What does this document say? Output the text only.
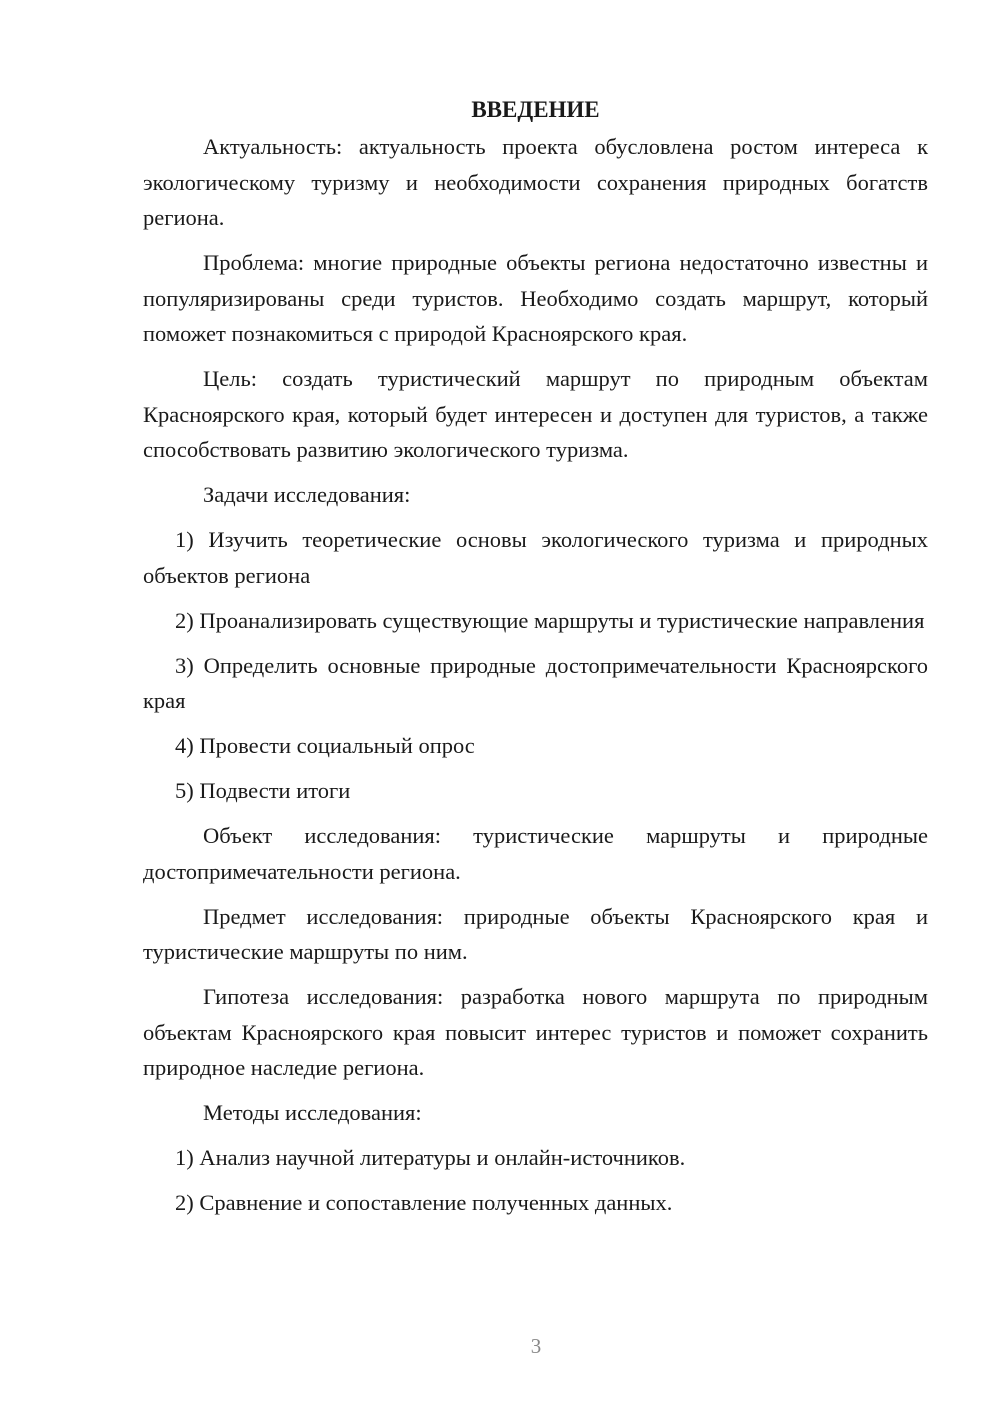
ВВЕДЕНИЕ

Актуальность: актуальность проекта обусловлена ростом интереса к экологическому туризму и необходимости сохранения природных богатств региона.

Проблема: многие природные объекты региона недостаточно известны и популяризированы среди туристов. Необходимо создать маршрут, который поможет познакомиться с природой Красноярского края.

Цель: создать туристический маршрут по природным объектам Красноярского края, который будет интересен и доступен для туристов, а также способствовать развитию экологического туризма.

Задачи исследования:

1) Изучить теоретические основы экологического туризма и природных объектов региона

2) Проанализировать существующие маршруты и туристические направления

3) Определить основные природные достопримечательности Красноярского края

4) Провести социальный опрос

5) Подвести итоги

Объект исследования: туристические маршруты и природные достопримечательности региона.

Предмет исследования: природные объекты Красноярского края и туристические маршруты по ним.

Гипотеза исследования: разработка нового маршрута по природным объектам Красноярского края повысит интерес туристов и поможет сохранить природное наследие региона.

Методы исследования:

1) Анализ научной литературы и онлайн-источников.

2) Сравнение и сопоставление полученных данных.

3
